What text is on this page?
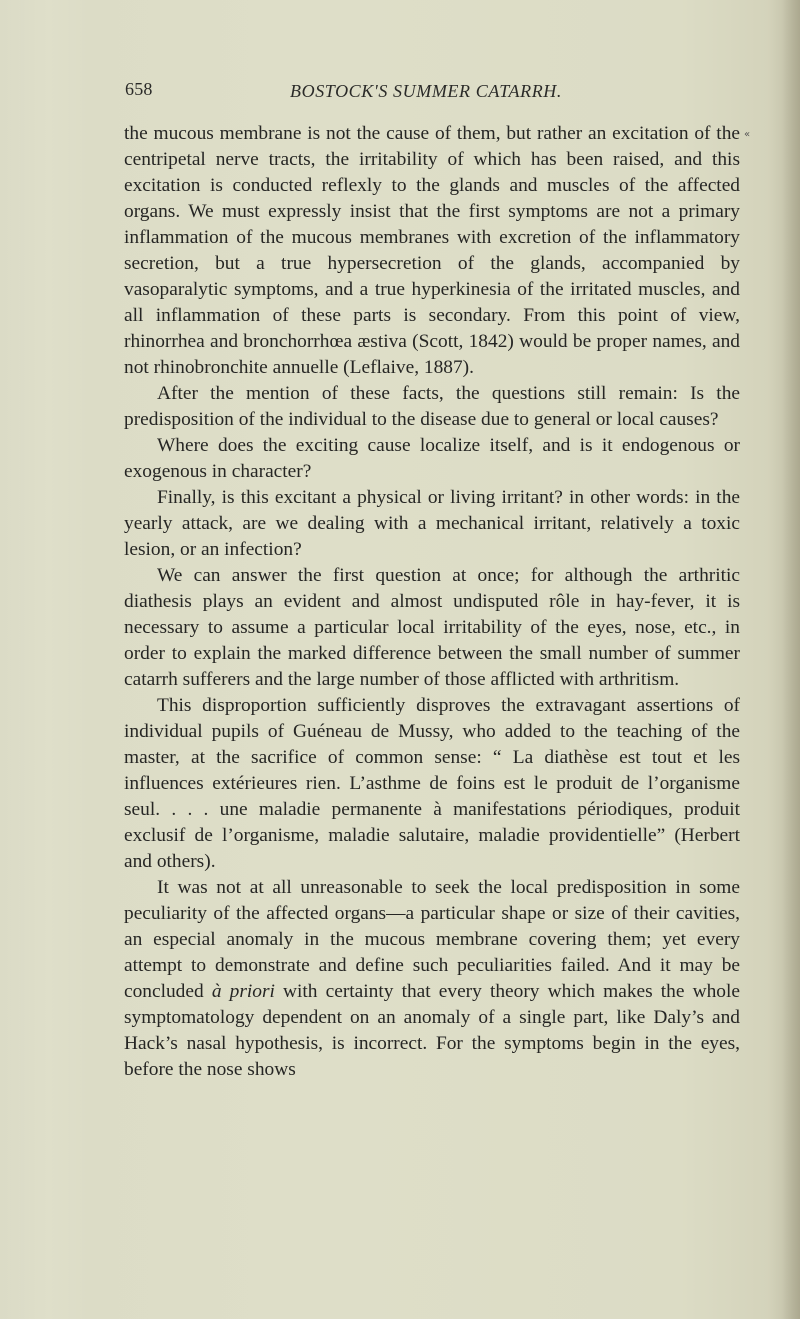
658	BOSTOCK'S SUMMER CATARRH.
«

the mucous membrane is not the cause of them, but rather an excitation of the centripetal nerve tracts, the irritability of which has been raised, and this excitation is conducted reflexly to the glands and muscles of the affected organs. We must expressly insist that the first symptoms are not a primary inflammation of the mucous membranes with excretion of the inflammatory secretion, but a true hypersecretion of the glands, accompanied by vasoparalytic symptoms, and a true hyperkinesia of the irritated muscles, and all inflammation of these parts is secondary. From this point of view, rhinorrhea and bronchorrhœa æstiva (Scott, 1842) would be proper names, and not rhinobronchite annuelle (Leflaive, 1887).

After the mention of these facts, the questions still remain: Is the predisposition of the individual to the disease due to general or local causes?

Where does the exciting cause localize itself, and is it endogenous or exogenous in character?

Finally, is this excitant a physical or living irritant? in other words: in the yearly attack, are we dealing with a mechanical irritant, relatively a toxic lesion, or an infection?

We can answer the first question at once; for although the arthritic diathesis plays an evident and almost undisputed rôle in hay-fever, it is necessary to assume a particular local irritability of the eyes, nose, etc., in order to explain the marked difference between the small number of summer catarrh sufferers and the large number of those afflicted with arthritism.

This disproportion sufficiently disproves the extravagant assertions of individual pupils of Guéneau de Mussy, who added to the teaching of the master, at the sacrifice of common sense: “ La diathèse est tout et les influences extérieures rien. L’asthme de foins est le produit de l’organisme seul. . . . une maladie permanente à manifestations périodiques, produit exclusif de l’organisme, maladie salutaire, maladie providentielle” (Herbert and others).

It was not at all unreasonable to seek the local predisposition in some peculiarity of the affected organs—a particular shape or size of their cavities, an especial anomaly in the mucous membrane covering them; yet every attempt to demonstrate and define such peculiarities failed. And it may be concluded à priori with certainty that every theory which makes the whole symptomatology dependent on an anomaly of a single part, like Daly’s and Hack’s nasal hypothesis, is incorrect. For the symptoms begin in the eyes, before the nose shows
